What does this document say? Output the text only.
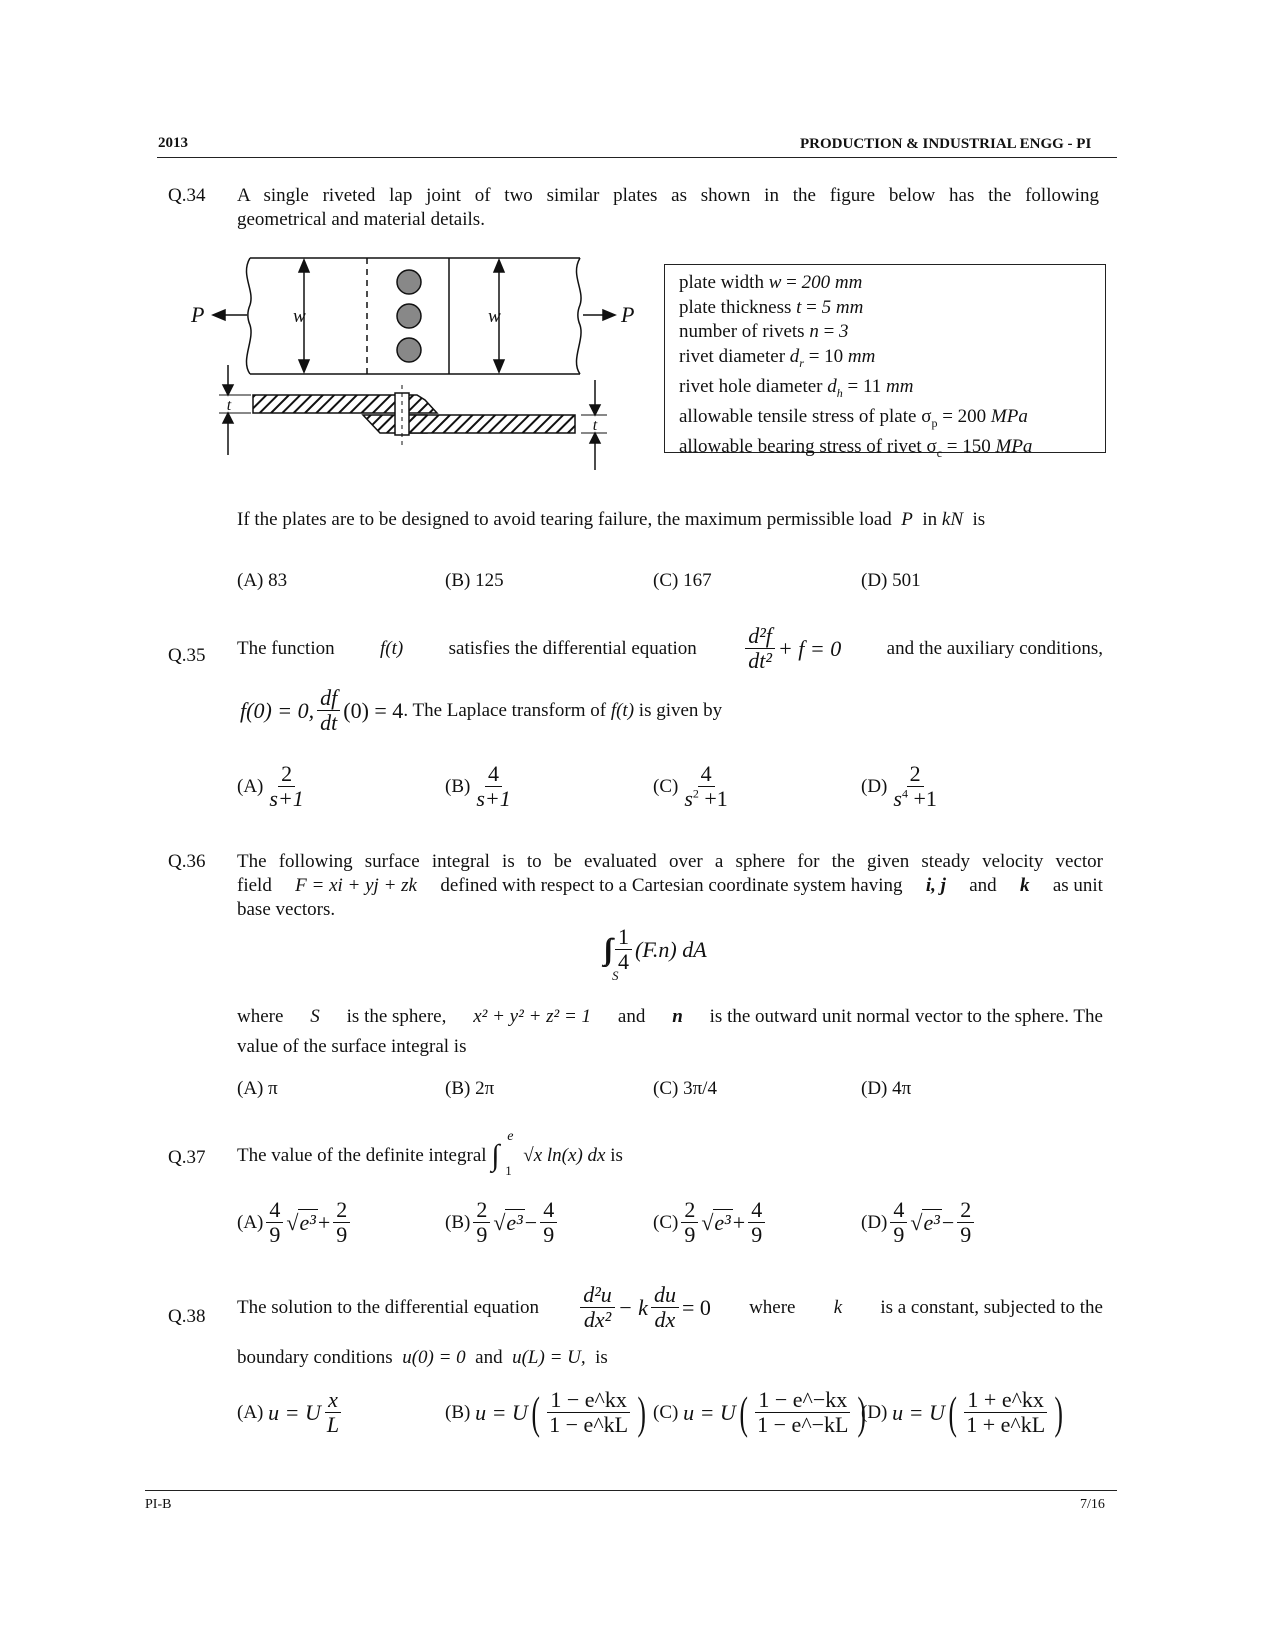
2013	PRODUCTION & INDUSTRIAL ENGG - PI
Q.34 A single riveted lap joint of two similar plates as shown in the figure below has the following
geometrical and material details.
w	w
P	P
t
t
plate width w = 200 mm
plate thickness t = 5 mm
number of rivets n = 3
rivet diameter $d_r = 10$ mm
rivet hole diameter $d_h = 11$ mm
allowable tensile stress of plate $\sigma_p = 200$ MPa
allowable bearing stress of rivet $\sigma_c = 150$ MPa
If the plates are to be designed to avoid tearing failure, the maximum permissible load P in kN is
(A) 83	(B) 125	(C) 167	(D) 501
Q.35 The function f(t) satisfies the differential equation $\frac{\text{d²f}}{\text{dt²}} + f = 0$ and the auxiliary conditions,
f(0) = 0, $\frac{df}{dt} (0) = 4$ . The Laplace transform of
f(t)
is given by
$(A) \frac{2}{s+1}$	$(B) \frac{4}{s+1}$	$(C) \frac{4}{s^2 +1}$	$(D) \frac{2}{s^4 +1}$
Q.36 The following surface integral is to be evaluated over a sphere for the given steady velocity vector
field F = xi + yj + zk defined with respect to a Cartesian coordinate system having i, j and k as unit
base vectors.
$\frac{1}{4} (F.n)$ dA
S
where S is the sphere, x² + y² + z² = 1 and n is the outward unit normal vector to the sphere. The
value of the surface integral is
(A) π	(B) 2π	(C) 3π/4	(D) 4π
Q.37 The value of the definite integral
∫
e
1
√x ln(x) dx
is
$(A) \frac{4}{9} √e^3 + \frac{2}{9}$	$(B) \frac{2}{9} √e^3 - \frac{4}{9}$	$(C) \frac{2}{9} √e^3 + \frac{4}{9}$	$(D) \frac{4}{9} √e^3 - \frac{2}{9}$
Q.38 The solution to the differential equation $\frac{\text{d²u}}{\text{dx²}} - k \frac{du}{dx} = 0$ where k is a constant, subjected to the
boundary conditions u(0) = 0 and u(L) = U, is
(A)
u = U $\frac{x}{L}$	(B)
u = U ( $\frac{1 - e\^{}kx}{1 - e\^{}kL}$ ) (C)
u = U ( $\frac{1 - e\^{}-kx}{1 - e\^{}-kL}$ )
(D)
u = U ( $\frac{1 + e\^{}kx}{1 + e\^{}kL}$ )
PI-B	7/16
